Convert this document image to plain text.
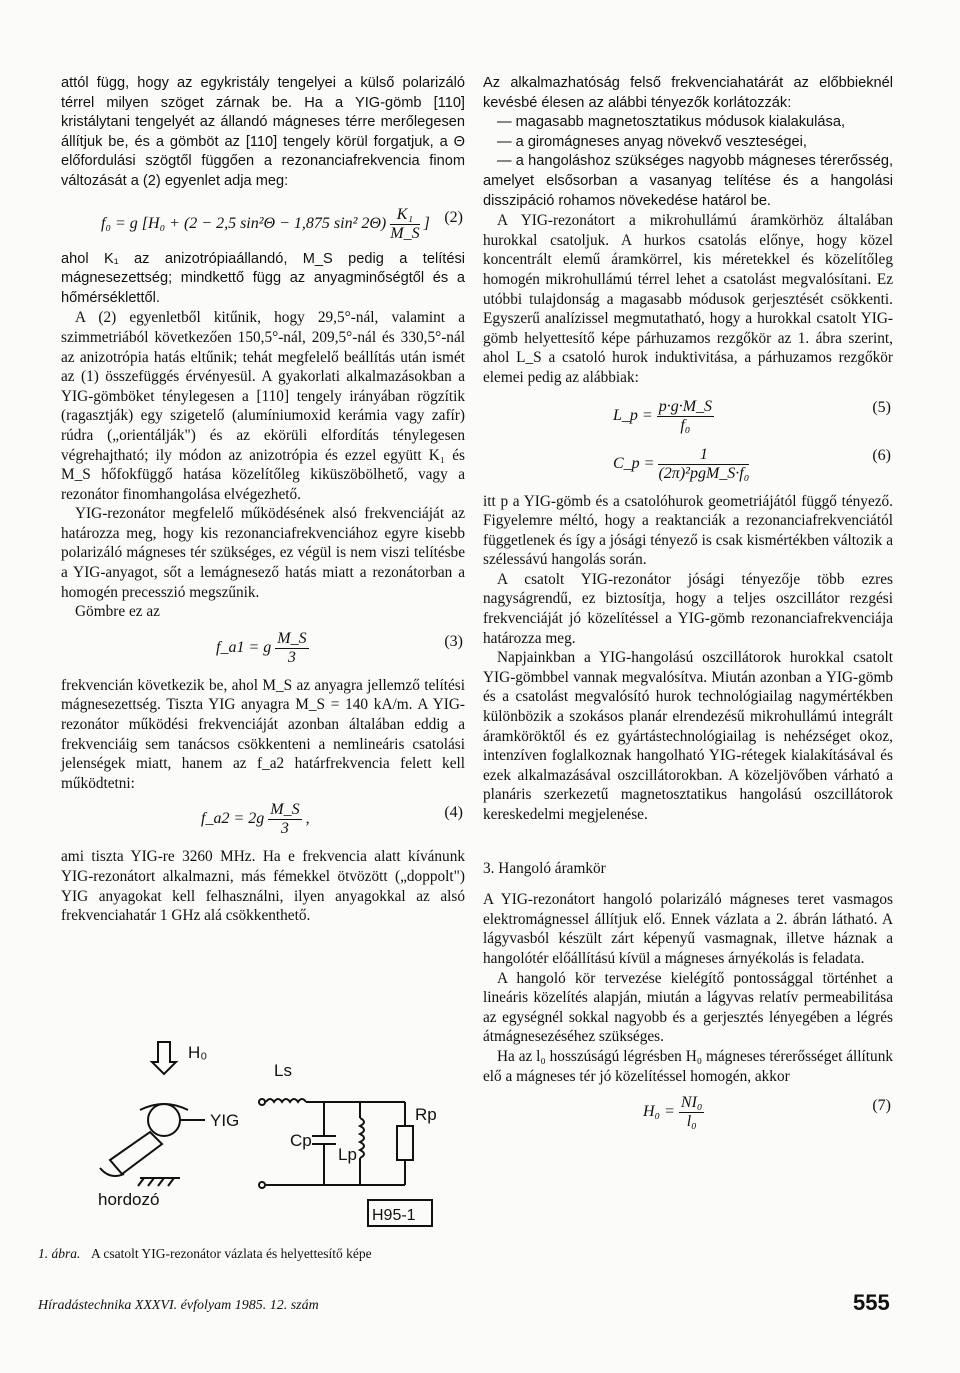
attól függ, hogy az egykristály tengelyei a külső polarizáló térrel milyen szöget zárnak be. Ha a YIG-gömb [110] kristálytani tengelyét az állandó mágneses térre merőlegesen állítjuk be, és a gömböt az [110] tengely körül forgatjuk, a Θ előfordulási szögtől függően a rezonanciafrekvencia finom változását a (2) egyenlet adja meg:

f₀ = g [H₀ + (2 − 2,5 sin²Θ − 1,875 sin² $2\Theta) \frac{\text{K₁}}{M\_S}$ ] (2)

ahol K₁ az anizotrópiaállandó, M_S pedig a telítési mágnesezettség; mindkettő függ az anyagminőségtől és a hőmérséklettől.

A (2) egyenletből kitűnik, hogy 29,5°-nál, valamint a szimmetriából következően 150,5°-nál, 209,5°-nál és 330,5°-nál az anizotrópia hatás eltűnik; tehát megfelelő beállítás után ismét az (1) összefüggés érvényesül. A gyakorlati alkalmazásokban a YIG-gömböket ténylegesen a [110] tengely irányában rögzítik (ragasztják) egy szigetelő (alumíniumoxid kerámia vagy zafír) rúdra („orientálják") és az ekörüli elfordítás ténylegesen végrehajtható; ily módon az anizotrópia és ezzel együtt K₁ és M_S hőfokfüggő hatása közelítőleg kiküszöbölhető, vagy a rezonátor finomhangolása elvégezhető.

YIG-rezonátor megfelelő működésének alsó frekvenciáját az határozza meg, hogy kis rezonanciafrekvenciához egyre kisebb polarizáló mágneses tér szükséges, ez végül is nem viszi telítésbe a YIG-anyagot, sőt a lemágnesező hatás miatt a rezonátorban a homogén precesszió megszűnik.

Gömbre ez az

f_a1 = g $\frac{M\_S}{3}$	(3)

frekvencián következik be, ahol M_S az anyagra jellemző telítési mágnesezettség. Tiszta YIG anyagra M_S = 140 kA/m. A YIG-rezonátor működési frekvenciáját azonban általában eddig a frekvenciáig sem tanácsos csökkenteni a nemlineáris csatolási jelenségek miatt, hanem az f_a2 határfrekvencia felett kell működtetni:

f_a2 = $2g \frac{M\_S}{3}$ ,	(4)

ami tiszta YIG-re 3260 MHz. Ha e frekvencia alatt kívánunk YIG-rezonátort alkalmazni, más fémekkel ötvözött („doppolt") YIG anyagokat kell felhasználni, ilyen anyagokkal az alsó frekvenciahatár 1 GHz alá csökkenthető.

H₀
Ls
YIG	Rp
Cp
Lp
hordozó
H95-1
1. ábra. A csatolt YIG-rezonátor vázlata és helyettesítő képe

Az alkalmazhatóság felső frekvenciahatárát az előbbieknél kevésbé élesen az alábbi tényezők korlátozzák:

— magasabb magnetosztatikus módusok kialakulása,

— a giromágneses anyag növekvő veszteségei,

— a hangoláshoz szükséges nagyobb mágneses térerősség, amelyet elsősorban a vasanyag telítése és a hangolási disszipáció rohamos növekedése határol be.

A YIG-rezonátort a mikrohullámú áramkörhöz általában hurokkal csatoljuk. A hurkos csatolás előnye, hogy közel koncentrált elemű áramkörrel, kis méretekkel és közelítőleg homogén mikrohullámú térrel lehet a csatolást megvalósítani. Ez utóbbi tulajdonság a magasabb módusok gerjesztését csökkenti. Egyszerű analízissel megmutatható, hogy a hurokkal csatolt YIG-gömb helyettesítő képe párhuzamos rezgőkör az 1. ábra szerint, ahol L_S a csatoló hurok induktivitása, a párhuzamos rezgőkör elemei pedig az alábbiak:

L_p = $\frac{p\cdot g\cdot M\_S}{\text{f₀}}$	(5)
C_p = $\frac{1}{\text{(2π)²pgM\_S·f₀}}$	(6)

itt p a YIG-gömb és a csatolóhurok geometriájától függő tényező. Figyelemre méltó, hogy a reaktanciák a rezonanciafrekvenciától függetlenek és így a jósági tényező is csak kismértékben változik a szélessávú hangolás során.

A csatolt YIG-rezonátor jósági tényezője több ezres nagyságrendű, ez biztosítja, hogy a teljes oszcillátor rezgési frekvenciáját jó közelítéssel a YIG-gömb rezonanciafrekvenciája határozza meg.

Napjainkban a YIG-hangolású oszcillátorok hurokkal csatolt YIG-gömbbel vannak megvalósítva. Miután azonban a YIG-gömb és a csatolást megvalósító hurok technológiailag nagymértékben különbözik a szokásos planár elrendezésű mikrohullámú integrált áramköröktől és ez gyártástechnológiailag is nehézséget okoz, intenzíven foglalkoznak hangolható YIG-rétegek kialakításával és ezek alkalmazásával oszcillátorokban. A közeljövőben várható a planáris szerkezetű magnetosztatikus hangolású oszcillátorok kereskedelmi megjelenése.

3. Hangoló áramkör

A YIG-rezonátort hangoló polarizáló mágneses teret vasmagos elektromágnessel állítjuk elő. Ennek vázlata a 2. ábrán látható. A lágyvasból készült zárt képenyű vasmagnak, illetve háznak a hangolótér előállítású kívül a mágneses árnyékolás is feladata.

A hangoló kör tervezése kielégítő pontossággal történhet a lineáris közelítés alapján, miután a lágyvas relatív permeabilitása az egységnél sokkal nagyobb és a gerjesztés lényegében a légrés átmágnesezéséhez szükséges.

Ha az l₀ hosszúságú légrésben H₀ mágneses térerősséget állítunk elő a mágneses tér jó közelítéssel homogén, akkor

$H_0 = \frac{\text{NI₀}}{\text{l₀}}$	(7)
Híradástechnika XXXVI. évfolyam 1985. 12. szám	555
